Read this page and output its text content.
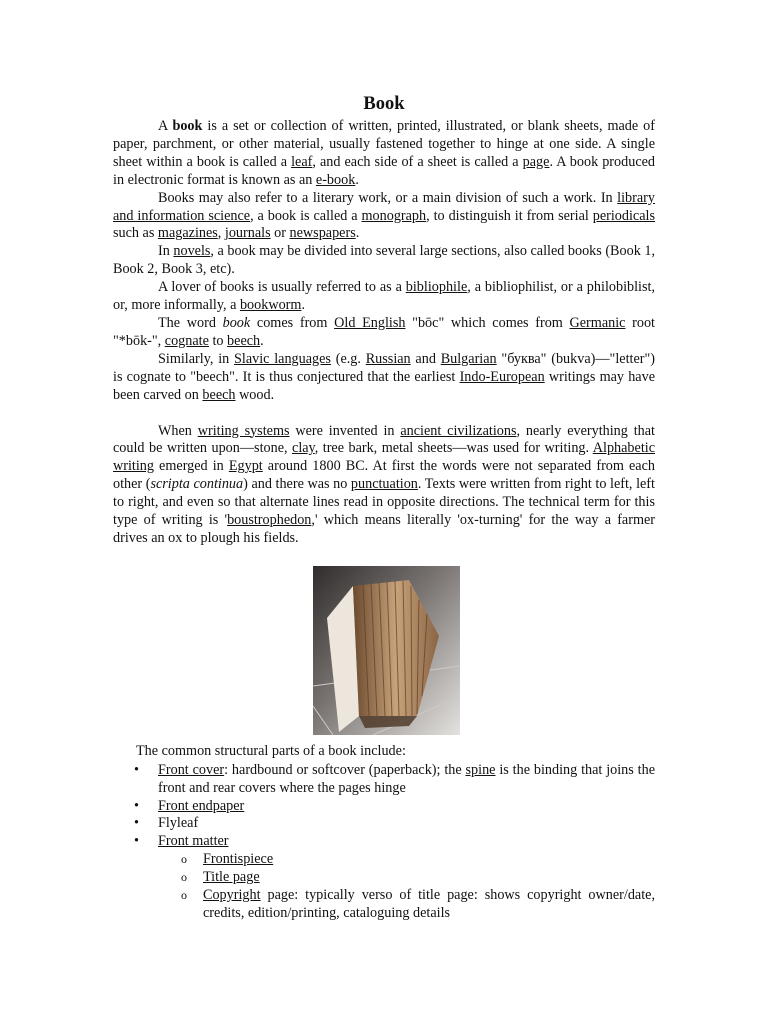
Book

A book is a set or collection of written, printed, illustrated, or blank sheets, made of paper, parchment, or other material, usually fastened together to hinge at one side. A single sheet within a book is called a leaf, and each side of a sheet is called a page. A book produced in electronic format is known as an e-book.

Books may also refer to a literary work, or a main division of such a work. In library and information science, a book is called a monograph, to distinguish it from serial periodicals such as magazines, journals or newspapers.

In novels, a book may be divided into several large sections, also called books (Book 1, Book 2, Book 3, etc).

A lover of books is usually referred to as a bibliophile, a bibliophilist, or a philobiblist, or, more informally, a bookworm.

The word book comes from Old English "bōc" which comes from Germanic root "*bōk-", cognate to beech.

Similarly, in Slavic languages (e.g. Russian and Bulgarian "буква" (bukva)—"letter") is cognate to "beech". It is thus conjectured that the earliest Indo-European writings may have been carved on beech wood.

When writing systems were invented in ancient civilizations, nearly everything that could be written upon—stone, clay, tree bark, metal sheets—was used for writing. Alphabetic writing emerged in Egypt around 1800 BC. At first the words were not separated from each other (scripta continua) and there was no punctuation. Texts were written from right to left, left to right, and even so that alternate lines read in opposite directions. The technical term for this type of writing is 'boustrophedon,' which means literally 'ox-turning' for the way a farmer drives an ox to plough his fields.

The common structural parts of a book include:
• Front cover: hardbound or softcover (paperback); the spine is the binding that joins the front and rear covers where the pages hinge
• Front endpaper
• Flyleaf
• Front matter
o Frontispiece
o Title page
o Copyright page: typically verso of title page: shows copyright owner/date, credits, edition/printing, cataloguing details
